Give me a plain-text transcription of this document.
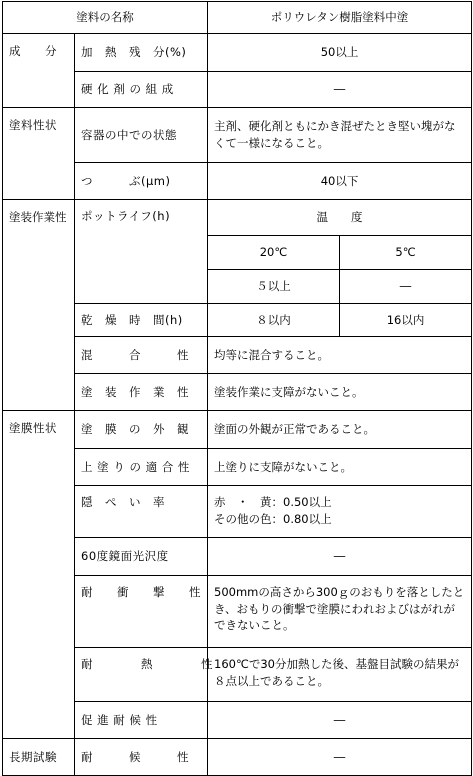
塗料の名称		ポリウレタン樹脂塗料中塗	
成　　分	加　熱　残　分(%)	50以上	
	硬 化 剤 の 組 成	―	
塗料性状	容器の中での状態	主剤、硬化剤ともにかき混ぜたとき堅い塊がなくて一様になること。	
	つ　　　ぶ(μm)	40以下	
塗装作業性	ポットライフ(h)	温　　度	
		20℃	5℃
		５以上	―
	乾　燥　時　間(h)	８以内	16以内
	混　　　合　　　性	均等に混合すること。	
	塗　装　作　業　性	塗装作業に支障がないこと。	
塗膜性状	塗　膜　の　外　観	塗面の外観が正常であること。	
	上 塗 り の 適 合 性	上塗りに支障がないこと。	
	隠　ぺ　い　率	赤　・　黄：0.50以上
その他の色：0.80以上	

	60度鏡面光沢度	―	
	耐　　衝　　撃　　性	500mmの高さから300ｇのおもりを落としたとき、おもりの衝撃で塗膜にわれおよびはがれができないこと。	
	耐　　　　熱　　　　性	160℃で30分加熱した後、基盤目試験の結果が８点以上であること。	
	促 進 耐 候 性	―	
長期試験	耐　　　候　　　性	―	
